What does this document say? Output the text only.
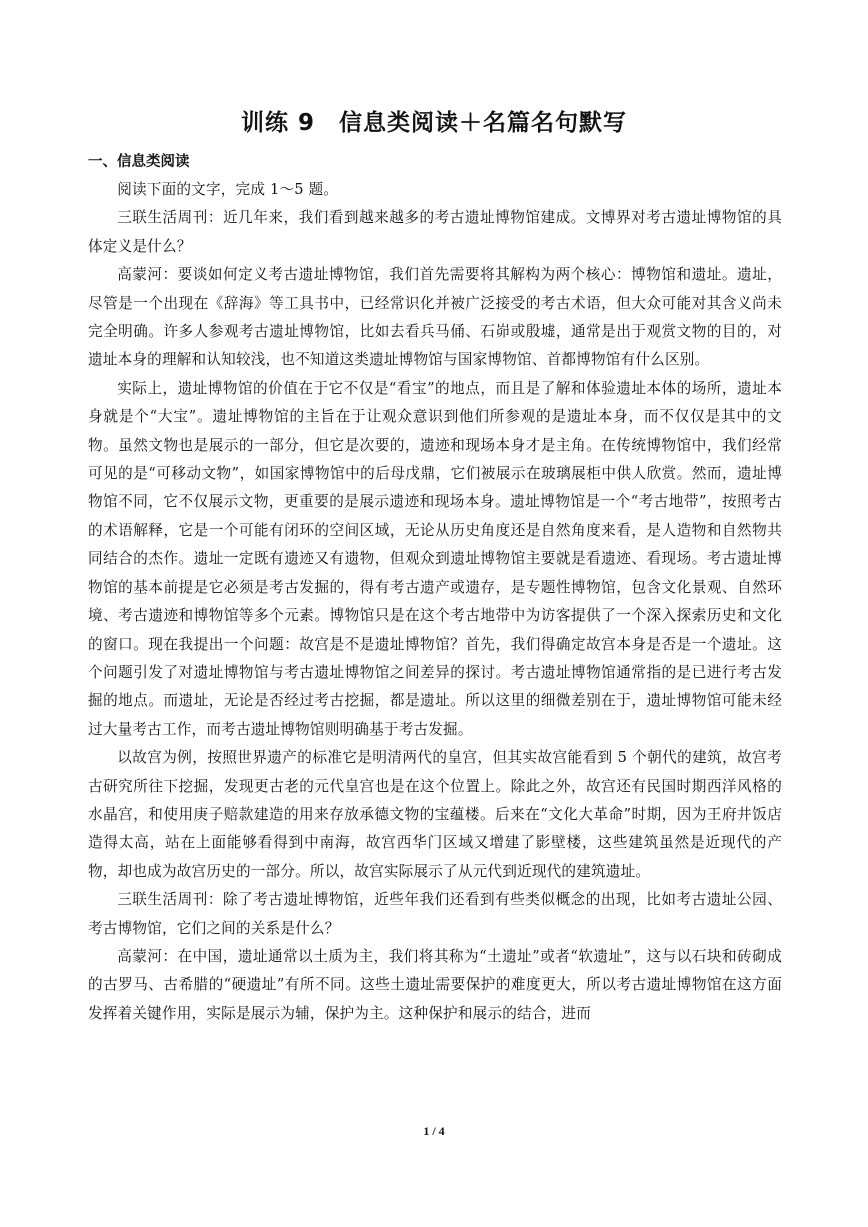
训练 9　信息类阅读＋名篇名句默写
一、信息类阅读

阅读下面的文字，完成 1～5 题。

三联生活周刊：近几年来，我们看到越来越多的考古遗址博物馆建成。文博界对考古遗址博物馆的具体定义是什么？

高蒙河：要谈如何定义考古遗址博物馆，我们首先需要将其解构为两个核心：博物馆和遗址。遗址，尽管是一个出现在《辞海》等工具书中，已经常识化并被广泛接受的考古术语，但大众可能对其含义尚未完全明确。许多人参观考古遗址博物馆，比如去看兵马俑、石峁或殷墟，通常是出于观赏文物的目的，对遗址本身的理解和认知较浅，也不知道这类遗址博物馆与国家博物馆、首都博物馆有什么区别。

实际上，遗址博物馆的价值在于它不仅是“看宝”的地点，而且是了解和体验遗址本体的场所，遗址本身就是个“大宝”。遗址博物馆的主旨在于让观众意识到他们所参观的是遗址本身，而不仅仅是其中的文物。虽然文物也是展示的一部分，但它是次要的，遗迹和现场本身才是主角。在传统博物馆中，我们经常可见的是“可移动文物”，如国家博物馆中的后母戊鼎，它们被展示在玻璃展柜中供人欣赏。然而，遗址博物馆不同，它不仅展示文物，更重要的是展示遗迹和现场本身。遗址博物馆是一个“考古地带”，按照考古的术语解释，它是一个可能有闭环的空间区域，无论从历史角度还是自然角度来看，是人造物和自然物共同结合的杰作。遗址一定既有遗迹又有遗物，但观众到遗址博物馆主要就是看遗迹、看现场。考古遗址博物馆的基本前提是它必须是考古发掘的，得有考古遗产或遗存，是专题性博物馆，包含文化景观、自然环境、考古遗迹和博物馆等多个元素。博物馆只是在这个考古地带中为访客提供了一个深入探索历史和文化的窗口。现在我提出一个问题：故宫是不是遗址博物馆？首先，我们得确定故宫本身是否是一个遗址。这个问题引发了对遗址博物馆与考古遗址博物馆之间差异的探讨。考古遗址博物馆通常指的是已进行考古发掘的地点。而遗址，无论是否经过考古挖掘，都是遗址。所以这里的细微差别在于，遗址博物馆可能未经过大量考古工作，而考古遗址博物馆则明确基于考古发掘。

以故宫为例，按照世界遗产的标准它是明清两代的皇宫，但其实故宫能看到 5 个朝代的建筑，故宫考古研究所往下挖掘，发现更古老的元代皇宫也是在这个位置上。除此之外，故宫还有民国时期西洋风格的水晶宫，和使用庚子赔款建造的用来存放承德文物的宝蕴楼。后来在“文化大革命”时期，因为王府井饭店造得太高，站在上面能够看得到中南海，故宫西华门区域又增建了影壁楼，这些建筑虽然是近现代的产物，却也成为故宫历史的一部分。所以，故宫实际展示了从元代到近现代的建筑遗址。

三联生活周刊：除了考古遗址博物馆，近些年我们还看到有些类似概念的出现，比如考古遗址公园、考古博物馆，它们之间的关系是什么？

高蒙河：在中国，遗址通常以土质为主，我们将其称为“土遗址”或者“软遗址”，这与以石块和砖砌成的古罗马、古希腊的“硬遗址”有所不同。这些土遗址需要保护的难度更大，所以考古遗址博物馆在这方面发挥着关键作用，实际是展示为辅，保护为主。这种保护和展示的结合，进而

1 / 4
